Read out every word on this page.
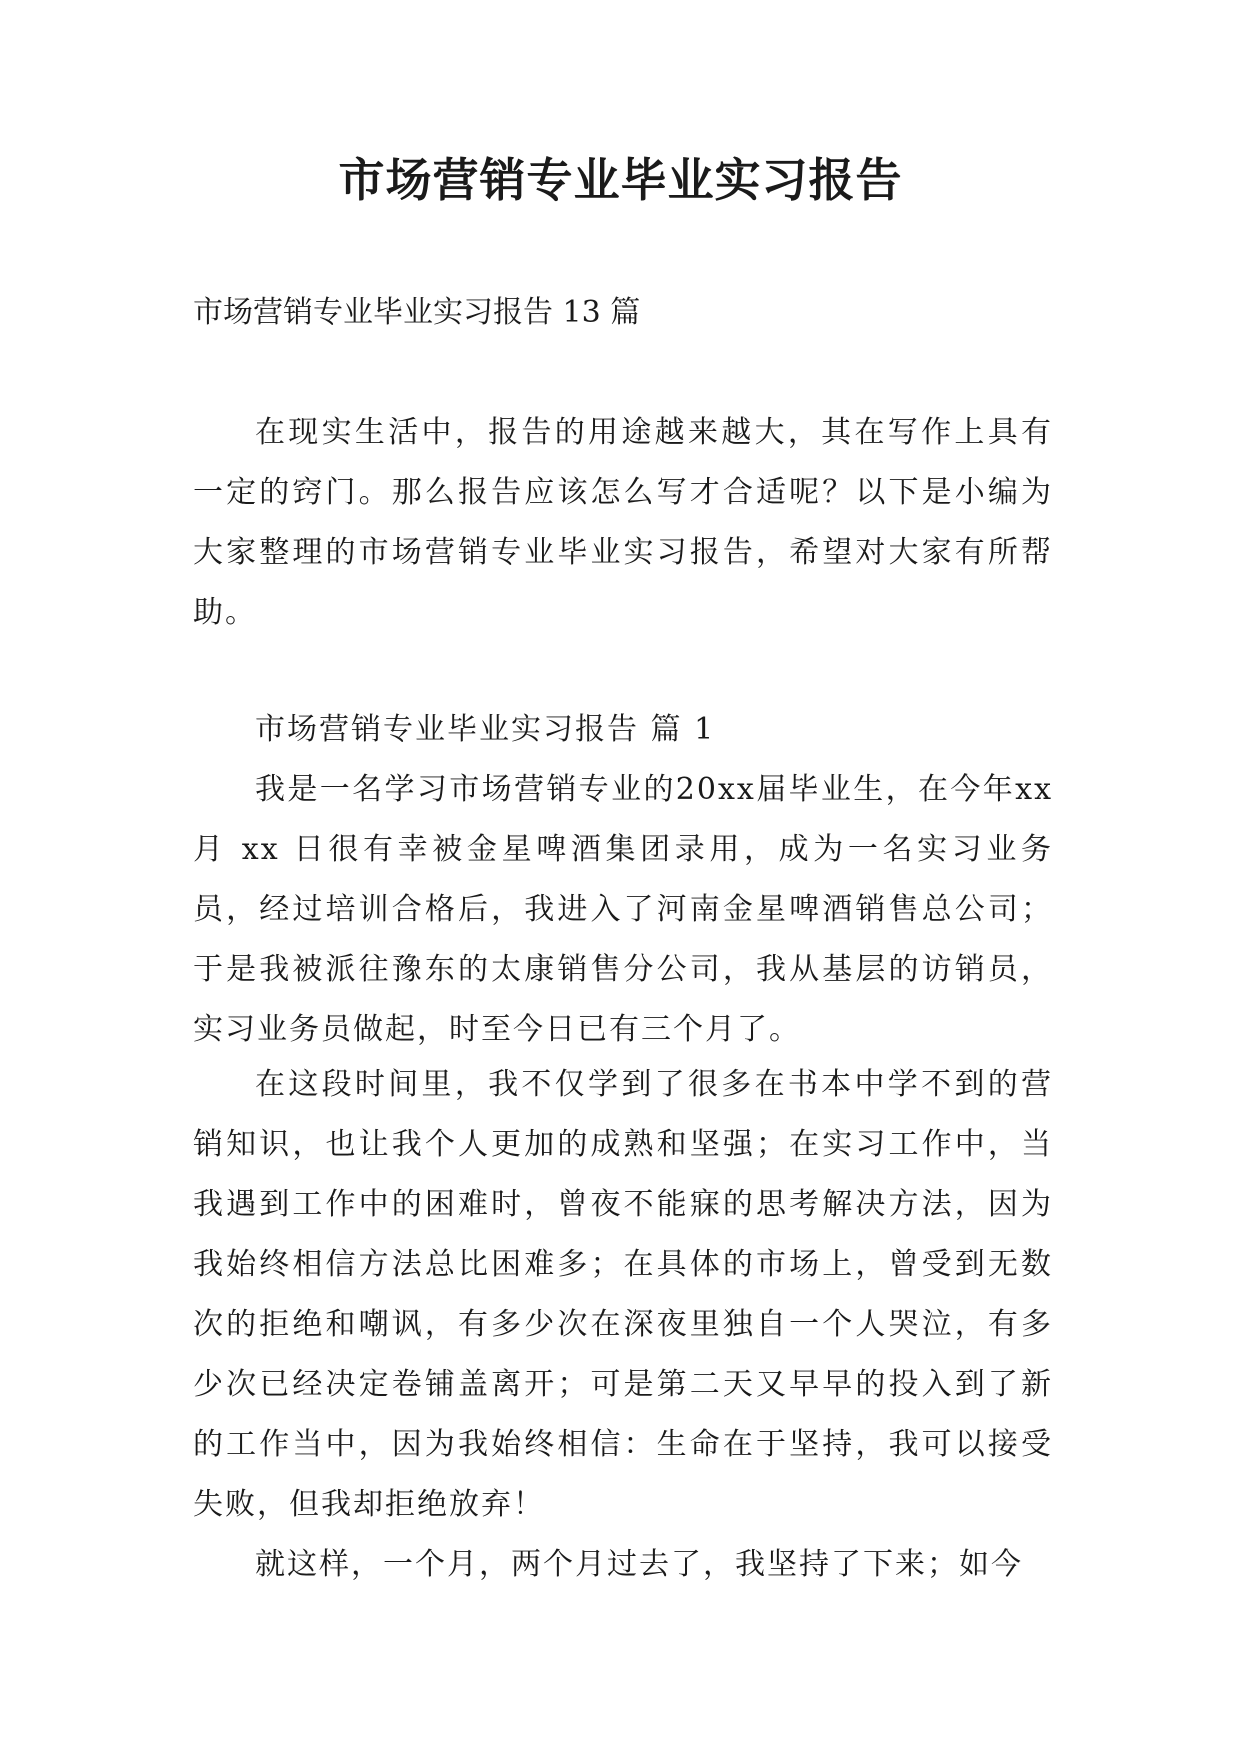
市场营销专业毕业实习报告

市场营销专业毕业实习报告 13 篇

在现实生活中，报告的用途越来越大，其在写作上具有一定的窍门。那么报告应该怎么写才合适呢？以下是小编为大家整理的市场营销专业毕业实习报告，希望对大家有所帮助。

市场营销专业毕业实习报告 篇 1

我是一名学习市场营销专业的20xx届毕业生，在今年xx月 xx 日很有幸被金星啤酒集团录用，成为一名实习业务员，经过培训合格后，我进入了河南金星啤酒销售总公司；于是我被派往豫东的太康销售分公司，我从基层的访销员，实习业务员做起，时至今日已有三个月了。

在这段时间里，我不仅学到了很多在书本中学不到的营销知识，也让我个人更加的成熟和坚强；在实习工作中，当我遇到工作中的困难时，曾夜不能寐的思考解决方法，因为我始终相信方法总比困难多；在具体的市场上，曾受到无数次的拒绝和嘲讽，有多少次在深夜里独自一个人哭泣，有多少次已经决定卷铺盖离开；可是第二天又早早的投入到了新的工作当中，因为我始终相信：生命在于坚持，我可以接受失败，但我却拒绝放弃！

就这样，一个月，两个月过去了，我坚持了下来；如今
